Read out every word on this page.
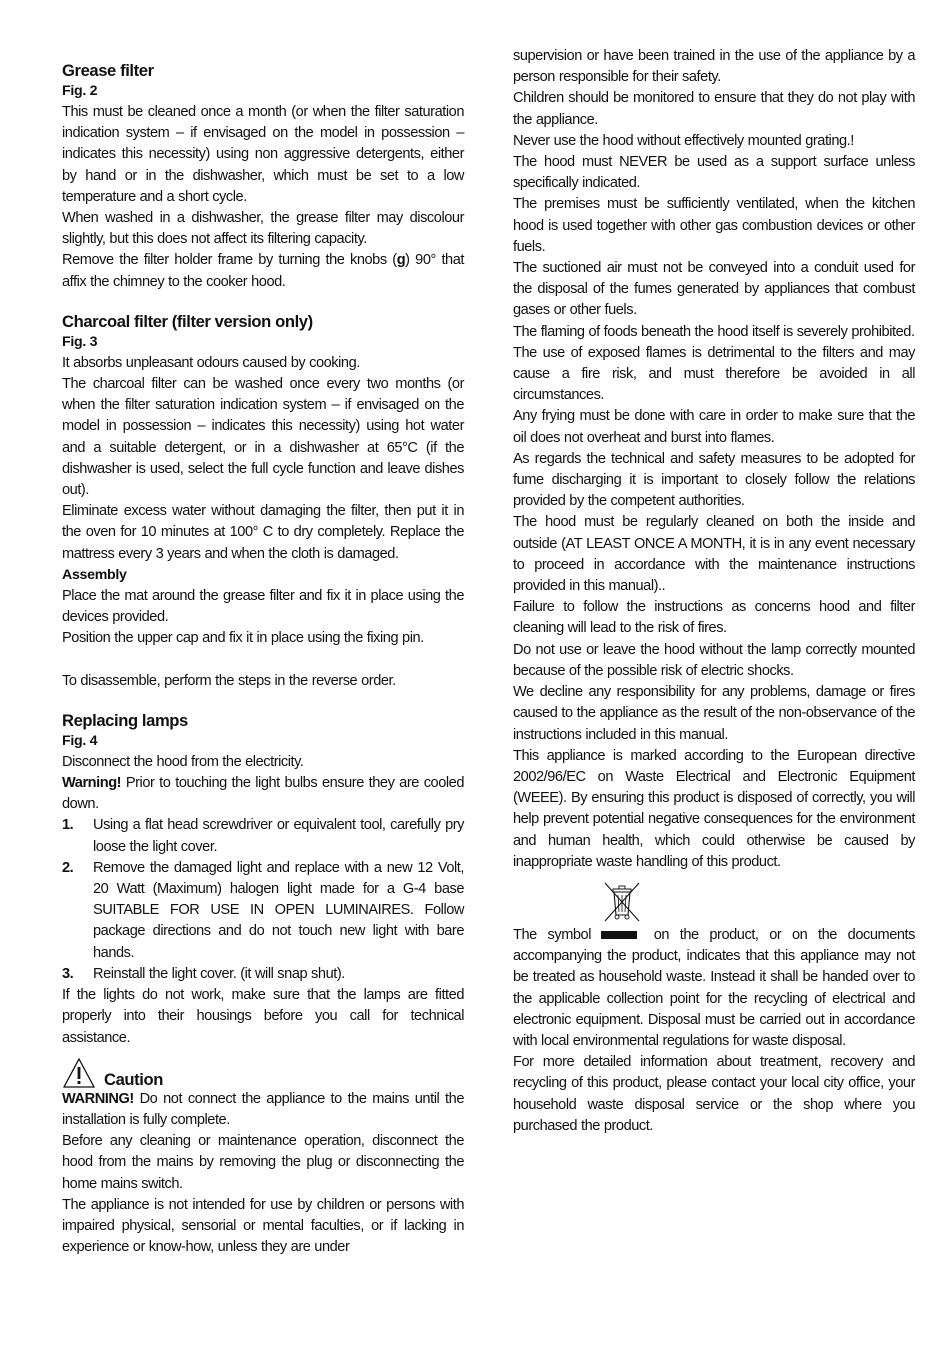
Grease filter
Fig. 2

This must be cleaned once a month (or when the filter saturation indication system – if envisaged on the model in possession – indicates this necessity) using non aggressive detergents, either by hand or in the dishwasher, which must be set to a low temperature and a short cycle.

When washed in a dishwasher, the grease filter may discolour slightly, but this does not affect its filtering capacity.

Remove the filter holder frame by turning the knobs (g) 90° that affix the chimney to the cooker hood.

Charcoal filter (filter version only)
Fig. 3

It absorbs unpleasant odours caused by cooking.

The charcoal filter can be washed once every two months (or when the filter saturation indication system – if envisaged on the model in possession – indicates this necessity) using hot water and a suitable detergent, or in a dishwasher at 65°C (if the dishwasher is used, select the full cycle function and leave dishes out).

Eliminate excess water without damaging the filter, then put it in the oven for 10 minutes at 100° C to dry completely. Replace the mattress every 3 years and when the cloth is damaged.

Assembly

Place the mat around the grease filter and fix it in place using the devices provided.

Position the upper cap and fix it in place using the fixing pin.

To disassemble, perform the steps in the reverse order.

Replacing lamps
Fig. 4

Disconnect the hood from the electricity.

Warning! Prior to touching the light bulbs ensure they are cooled down.

1. Using a flat head screwdriver or equivalent tool, carefully pry loose the light cover.
2. Remove the damaged light and replace with a new 12 Volt, 20 Watt (Maximum) halogen light made for a G-4 base SUITABLE FOR USE IN OPEN LUMINAIRES. Follow package directions and do not touch new light with bare hands.
3. Reinstall the light cover. (it will snap shut).

If the lights do not work, make sure that the lamps are fitted properly into their housings before you call for technical assistance.

Caution

WARNING! Do not connect the appliance to the mains until the installation is fully complete.

Before any cleaning or maintenance operation, disconnect the hood from the mains by removing the plug or disconnecting the home mains switch.

The appliance is not intended for use by children or persons with impaired physical, sensorial or mental faculties, or if lacking in experience or know-how, unless they are under

supervision or have been trained in the use of the appliance by a person responsible for their safety.

Children should be monitored to ensure that they do not play with the appliance.

Never use the hood without effectively mounted grating.!

The hood must NEVER be used as a support surface unless specifically indicated.

The premises must be sufficiently ventilated, when the kitchen hood is used together with other gas combustion devices or other fuels.

The suctioned air must not be conveyed into a conduit used for the disposal of the fumes generated by appliances that combust gases or other fuels.

The flaming of foods beneath the hood itself is severely prohibited.

The use of exposed flames is detrimental to the filters and may cause a fire risk, and must therefore be avoided in all circumstances.

Any frying must be done with care in order to make sure that the oil does not overheat and burst into flames.

As regards the technical and safety measures to be adopted for fume discharging it is important to closely follow the relations provided by the competent authorities.

The hood must be regularly cleaned on both the inside and outside (AT LEAST ONCE A MONTH, it is in any event necessary to proceed in accordance with the maintenance instructions provided in this manual)..

Failure to follow the instructions as concerns hood and filter cleaning will lead to the risk of fires.

Do not use or leave the hood without the lamp correctly mounted because of the possible risk of electric shocks.

We decline any responsibility for any problems, damage or fires caused to the appliance as the result of the non-observance of the instructions included in this manual.

This appliance is marked according to the European directive 2002/96/EC on Waste Electrical and Electronic Equipment (WEEE). By ensuring this product is disposed of correctly, you will help prevent potential negative consequences for the environment and human health, which could otherwise be caused by inappropriate waste handling of this product.

The symbol	on the product, or on the documents accompanying the product, indicates that this appliance may not be treated as household waste. Instead it shall be handed over to the applicable collection point for the recycling of electrical and electronic equipment. Disposal must be carried out in accordance with local environmental regulations for waste disposal.

For more detailed information about treatment, recovery and recycling of this product, please contact your local city office, your household waste disposal service or the shop where you purchased the product.
